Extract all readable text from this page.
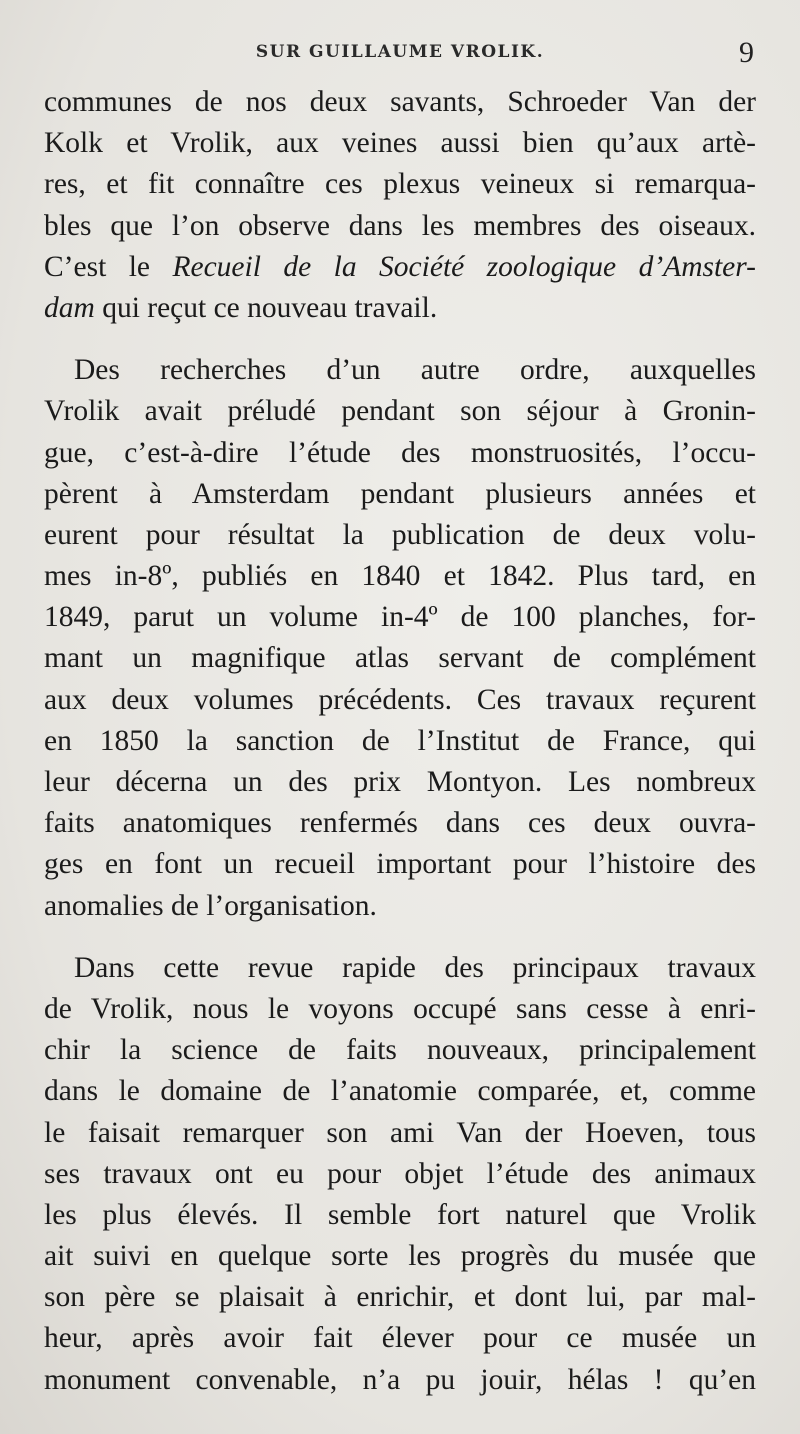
SUR GUILLAUME VROLIK.	9

communes de nos deux savants, Schroeder Van der
Kolk et Vrolik, aux veines aussi bien qu’aux artè-
res, et fit connaître ces plexus veineux si remarqua-
bles que l’on observe dans les membres des oiseaux.
C’est le Recueil de la Société zoologique d’Amster-
dam qui reçut ce nouveau travail.

Des recherches d’un autre ordre, auxquelles
Vrolik avait préludé pendant son séjour à Gronin-
gue, c’est-à-dire l’étude des monstruosités, l’occu-
pèrent à Amsterdam pendant plusieurs années et
eurent pour résultat la publication de deux volu-
mes in-8º, publiés en 1840 et 1842. Plus tard, en
1849, parut un volume in-4º de 100 planches, for-
mant un magnifique atlas servant de complément
aux deux volumes précédents. Ces travaux reçurent
en 1850 la sanction de l’Institut de France, qui
leur décerna un des prix Montyon. Les nombreux
faits anatomiques renfermés dans ces deux ouvra-
ges en font un recueil important pour l’histoire des
anomalies de l’organisation.

Dans cette revue rapide des principaux travaux
de Vrolik, nous le voyons occupé sans cesse à enri-
chir la science de faits nouveaux, principalement
dans le domaine de l’anatomie comparée, et, comme
le faisait remarquer son ami Van der Hoeven, tous
ses travaux ont eu pour objet l’étude des animaux
les plus élevés. Il semble fort naturel que Vrolik
ait suivi en quelque sorte les progrès du musée que
son père se plaisait à enrichir, et dont lui, par mal-
heur, après avoir fait élever pour ce musée un
monument convenable, n’a pu jouir, hélas ! qu’en
